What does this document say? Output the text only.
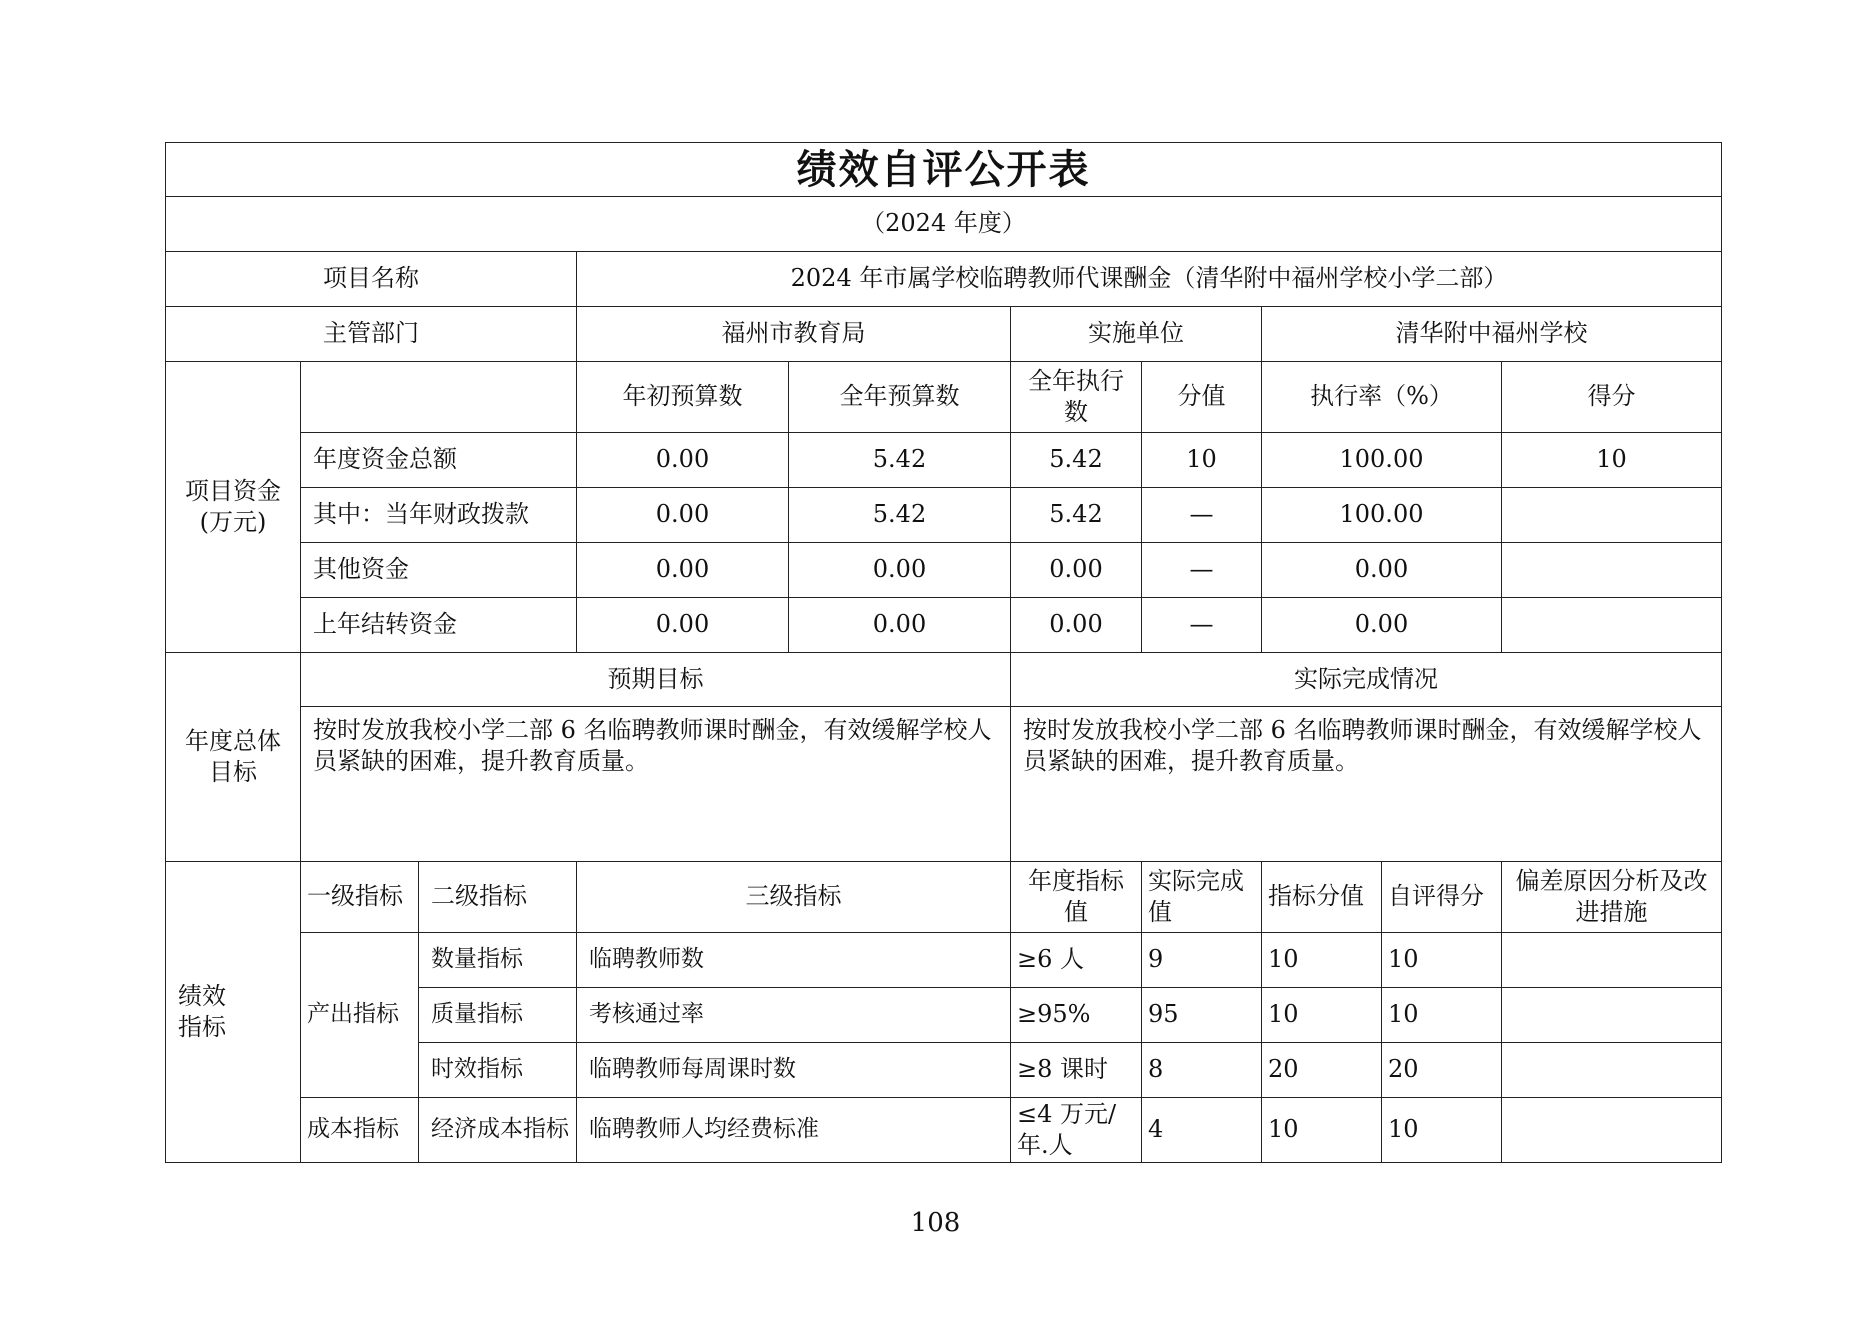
绩效自评公开表									
（2024 年度）									
项目名称			2024 年市属学校临聘教师代课酬金（清华附中福州学校小学二部）						
主管部门			福州市教育局		实施单位		清华附中福州学校		
项目资金
(万元)			年初预算数	全年预算数	全年执行数	分值	执行率（%）		得分
	年度资金总额		0.00	5.42	5.42	10	100.00		10
	其中：当年财政拨款		0.00	5.42	5.42	—	100.00		
	其他资金		0.00	0.00	0.00	—	0.00		
	上年结转资金		0.00	0.00	0.00	—	0.00		
年度总体
目标	预期目标				实际完成情况				
	按时发放我校小学二部 6 名临聘教师课时酬金，有效缓解学校人员紧缺的困难，提升教育质量。				按时发放我校小学二部 6 名临聘教师课时酬金，有效缓解学校人员紧缺的困难，提升教育质量。				
绩效
指标	一级指标	二级指标	三级指标		年度指标值	实际完成值	指标分值	自评得分	偏差原因分析及改进措施
	产出指标	数量指标	临聘教师数		≥6 人	9	10	10	
		质量指标	考核通过率		≥95%	95	10	10	
		时效指标	临聘教师每周课时数		≥8 课时	8	20	20	
	成本指标	经济成本指标	临聘教师人均经费标准		≤4 万元/年.人	4	10	10	
108
